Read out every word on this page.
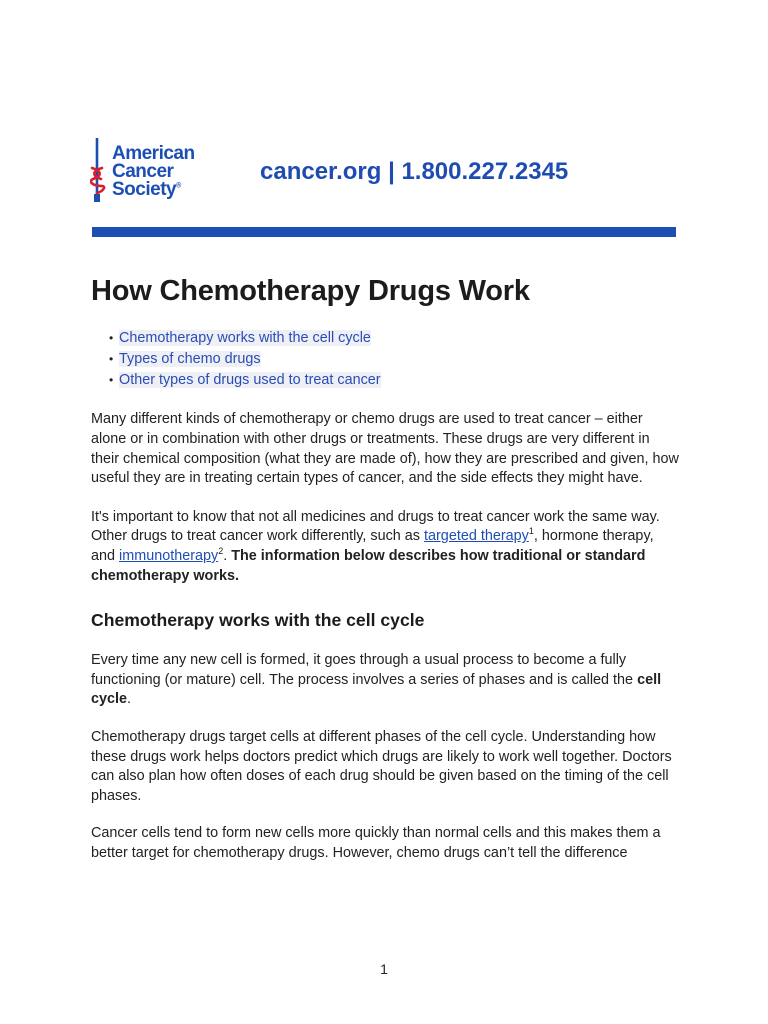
American
Cancer
Society®

cancer.org | 1.800.227.2345

How Chemotherapy Drugs Work
• Chemotherapy works with the cell cycle
• Types of chemo drugs
• Other types of drugs used to treat cancer

Many different kinds of chemotherapy or chemo drugs are used to treat cancer – either alone or in combination with other drugs or treatments. These drugs are very different in their chemical composition (what they are made of), how they are prescribed and given, how useful they are in treating certain types of cancer, and the side effects they might have.

It's important to know that not all medicines and drugs to treat cancer work the same way. Other drugs to treat cancer work differently, such as targeted therapy$^1$, hormone therapy, and immunotherapy$^2$. The information below describes how traditional or standard chemotherapy works.

Chemotherapy works with the cell cycle

Every time any new cell is formed, it goes through a usual process to become a fully functioning (or mature) cell. The process involves a series of phases and is called the cell cycle.

Chemotherapy drugs target cells at different phases of the cell cycle. Understanding how these drugs work helps doctors predict which drugs are likely to work well together. Doctors can also plan how often doses of each drug should be given based on the timing of the cell phases.

Cancer cells tend to form new cells more quickly than normal cells and this makes them a better target for chemotherapy drugs. However, chemo drugs can’t tell the difference

1
